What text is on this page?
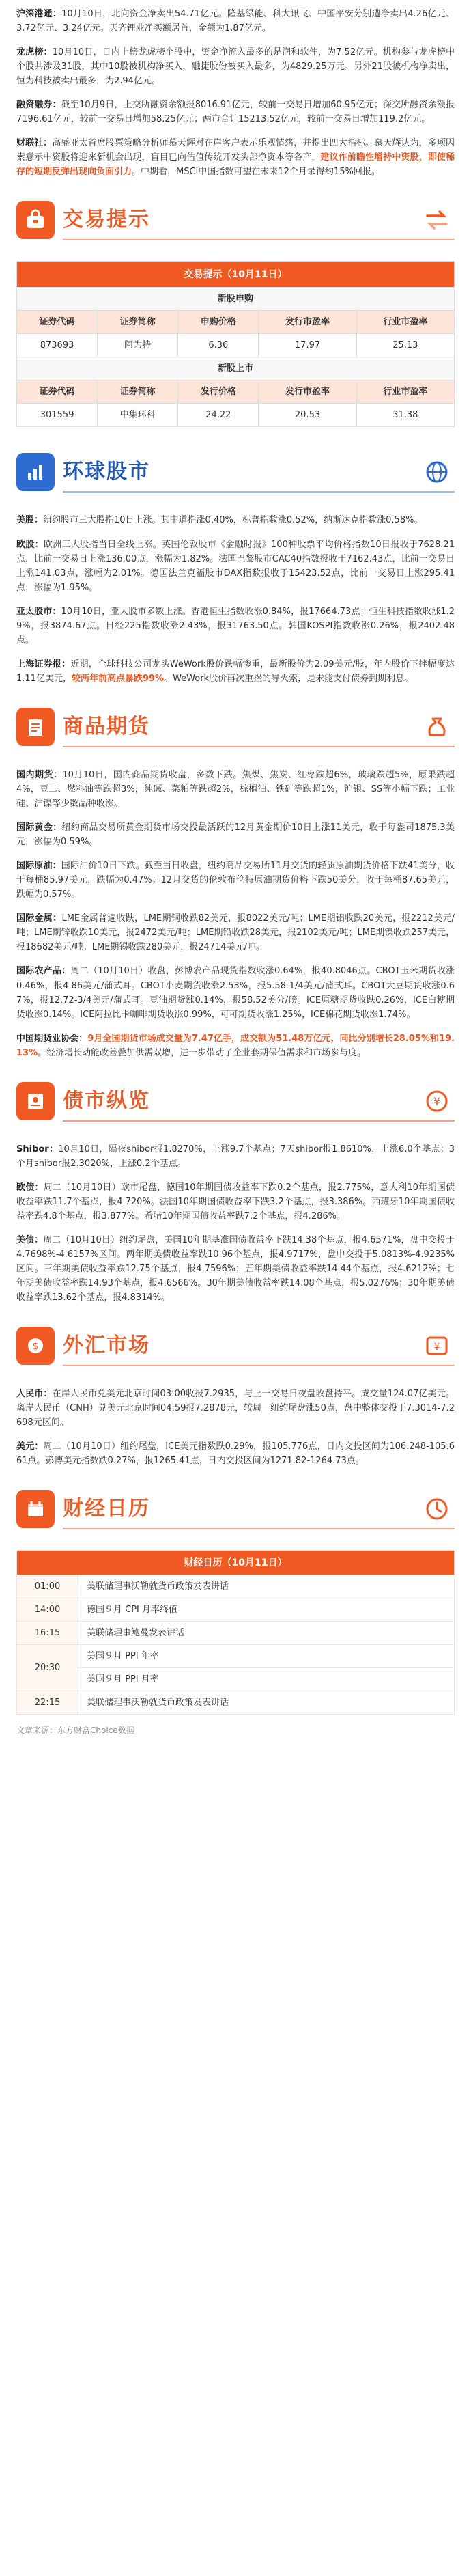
沪深港通：10月10日，北向资金净卖出54.71亿元。隆基绿能、科大讯飞、中国平安分别遭净卖出4.26亿元、3.72亿元、3.24亿元。天齐锂业净买额居首，金额为1.87亿元。

龙虎榜：10月10日，日内上榜龙虎榜个股中，资金净流入最多的是润和软件，为7.52亿元。机构参与龙虎榜中个股共涉及31股，其中10股被机构净买入，融捷股份被买入最多，为4829.25万元。另外21股被机构净卖出，恒为科技被卖出最多，为2.94亿元。

融资融券：截至10月9日，上交所融资余额报8016.91亿元，较前一交易日增加60.95亿元；深交所融资余额报7196.61亿元，较前一交易日增加58.25亿元；两市合计15213.52亿元，较前一交易日增加119.2亿元。

财联社：高盛亚太首席股票策略分析师慕天辉对在岸客户表示乐观情绪，并提出四大指标。慕天辉认为，多项因素意示中资股将迎来新机会出现，盲目已向估值传统开发头部净资本等各产，建议作前瞻性增持中资股，即使稀存的短期反弹出现向负面引力。中期看，MSCI中国指数可望在未来12个月录得约15%回报。

交易提示
交易提示（10月11日）				
新股申购				
证券代码	证券简称	申购价格	发行市盈率	行业市盈率
873693	阿为特	6.36	17.97	25.13
新股上市				
证券代码	证券简称	发行价格	发行市盈率	行业市盈率
301559	中集环科	24.22	20.53	31.38
环球股市

美股：纽约股市三大股指10日上涨。其中道指涨0.40%，标普指数涨0.52%，纳斯达克指数涨0.58%。

欧股：欧洲三大股指当日全线上涨。英国伦敦股市《金融时报》100种股票平均价格指数10日报收于7628.21点，比前一交易日上涨136.00点，涨幅为1.82%。法国巴黎股市CAC40指数报收于7162.43点，比前一交易日上涨141.03点，涨幅为2.01%。德国法兰克福股市DAX指数报收于15423.52点，比前一交易日上涨295.41点，涨幅为1.95%。

亚太股市：10月10日，亚太股市多数上涨。香港恒生指数收涨0.84%，报17664.73点；恒生科技指数收涨1.29%，报3874.67点。日经225指数收涨2.43%，报31763.50点。韩国KOSPI指数收涨0.26%，报2402.48点。

上海证券报：近期，全球科技公司龙头WeWork股价跌幅惨重，最新股价为2.09美元/股，年内股价下挫幅度达1.11亿美元，较两年前高点暴跌99%。WeWork股价再次重挫的导火索，是未能支付债券到期利息。

商品期货

国内期货：10月10日，国内商品期货收盘，多数下跌。焦煤、焦炭、红枣跌超6%，玻璃跌超5%，原果跌超4%，豆二、燃料油等跌超3%，纯碱、菜粕等跌超2%，棕榈油、铁矿等跌超1%，沪银、SS等小幅下跌；工业硅、沪镍等少数品种收涨。

国际黄金：纽约商品交易所黄金期货市场交投最活跃的12月黄金期价10日上涨11美元，收于每盎司1875.3美元，涨幅为0.59%。

国际原油：国际油价10日下跌。截至当日收盘，纽约商品交易所11月交货的轻质原油期货价格下跌41美分，收于每桶85.97美元，跌幅为0.47%；12月交货的伦敦布伦特原油期货价格下跌50美分，收于每桶87.65美元，跌幅为0.57%。

国际金属：LME金属普遍收跌，LME期铜收跌82美元，报8022美元/吨；LME期铝收跌20美元，报2212美元/吨；LME期锌收跌10美元，报2472美元/吨；LME期铅收跌28美元，报2102美元/吨；LME期镍收跌257美元，报18682美元/吨；LME期锡收跌280美元，报24714美元/吨。

国际农产品：周二（10月10日）收盘，彭博农产品现货指数收涨0.64%，报40.8046点。CBOT玉米期货收涨0.46%，报4.86美元/蒲式耳。CBOT小麦期货收涨2.53%，报5.58-1/4美元/蒲式耳。CBOT大豆期货收涨0.67%，报12.72-3/4美元/蒲式耳。豆油期货涨0.14%，报58.52美分/磅。ICE原糖期货收跌0.26%，ICE白糖期货收涨0.14%。ICE阿拉比卡咖啡期货收涨0.99%，可可期货收涨1.25%，ICE棉花期货收涨1.74%。

中国期货业协会：9月全国期货市场成交量为7.47亿手，成交额为51.48万亿元，同比分别增长28.05%和19.13%。经济增长动能改善叠加供需双增，进一步带动了企业套期保值需求和市场参与度。

债市纵览	¥

Shibor：10月10日，隔夜shibor报1.8270%，上涨9.7个基点；7天shibor报1.8610%，上涨6.0个基点；3个月shibor报2.3020%，上涨0.2个基点。

欧债：周二（10月10日）欧市尾盘，德国10年期国债收益率下跌0.2个基点，报2.775%，意大利10年期国债收益率跌11.7个基点，报4.720%。法国10年期国债收益率下跌3.2个基点，报3.386%。西班牙10年期国债收益率跌4.8个基点，报3.877%。希腊10年期国债收益率跌7.2个基点，报4.286%。

美债：周二（10月10日）纽约尾盘，美国10年期基准国债收益率下跌14.38个基点，报4.6571%，盘中交投于4.7698%-4.6157%区间。两年期美债收益率跌10.96个基点，报4.9717%，盘中交投于5.0813%-4.9235%区间。三年期美债收益率跌12.75个基点，报4.7596%；五年期美债收益率跌14.44个基点，报4.6212%；七年期美债收益率跌14.93个基点，报4.6566%。30年期美债收益率跌14.08个基点，报5.0276%；30年期美债收益率跌13.62个基点，报4.8314%。

$ 外汇市场	¥

人民币：在岸人民币兑美元北京时间03:00收报7.2935，与上一交易日夜盘收盘持平。成交量124.07亿美元。离岸人民币（CNH）兑美元北京时间04:59报7.2878元，较周一纽约尾盘涨50点，盘中整体交投于7.3014-7.2698元区间。

美元：周二（10月10日）纽约尾盘，ICE美元指数跌0.29%，报105.776点，日内交投区间为106.248-105.661点。彭博美元指数跌0.27%，报1265.41点，日内交投区间为1271.82-1264.73点。

财经日历
财经日历（10月11日）	
01:00	美联储理事沃勒就货币政策发表讲话
14:00	德国９月 CPI 月率终值
16:15	美联储理事鲍曼发表讲话
20:30	美国９月 PPI 年率
	美国９月 PPI 月率
22:15	美联储理事沃勒就货币政策发表讲话
文章来源：东方财富Choice数据
